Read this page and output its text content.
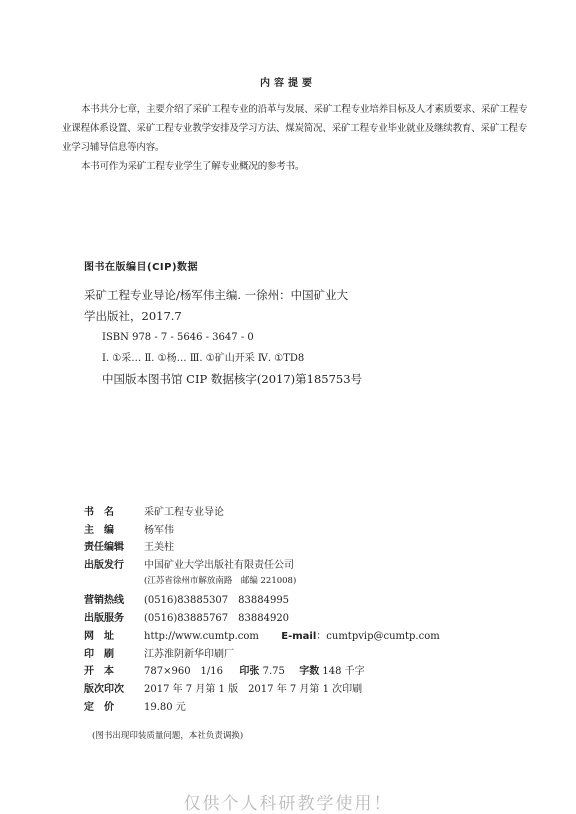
内容提要

本书共分七章，主要介绍了采矿工程专业的沿革与发展、采矿工程专业培养目标及人才素质要求、采矿工程专业课程体系设置、采矿工程专业教学安排及学习方法、煤炭简况、采矿工程专业毕业就业及继续教育、采矿工程专业学习辅导信息等内容。

本书可作为采矿工程专业学生了解专业概况的参考书。

图书在版编目(CIP)数据
采矿工程专业导论/杨军伟主编. 一徐州：中国矿业大
学出版社，2017.7
ISBN 978 - 7 - 5646 - 3647 - 0
Ⅰ. ①采… Ⅱ. ①杨… Ⅲ. ①矿山开采 Ⅳ. ①TD8
中国版本图书馆 CIP 数据核字(2017)第185753号
书　名	采矿工程专业导论
主　编	杨军伟
责任编辑 王美柱
出版发行 中国矿业大学出版社有限责任公司
(江苏省徐州市解放南路　邮编 221008)
营销热线 (0516)83885307　83884995
出版服务 (0516)83885767　83884920
网　址	http://www.cumtp.com E-mail：cumtpvip@cumtp.com
印　刷	江苏淮阴新华印刷厂
开　本	787×960　1/16 印张 7.75 字数 148 千字
版次印次 2017 年 7 月第 1 版　2017 年 7 月第 1 次印刷
定　价	19.80 元
(图书出现印装质量问题，本社负责调换)
仅供个人科研教学使用！
